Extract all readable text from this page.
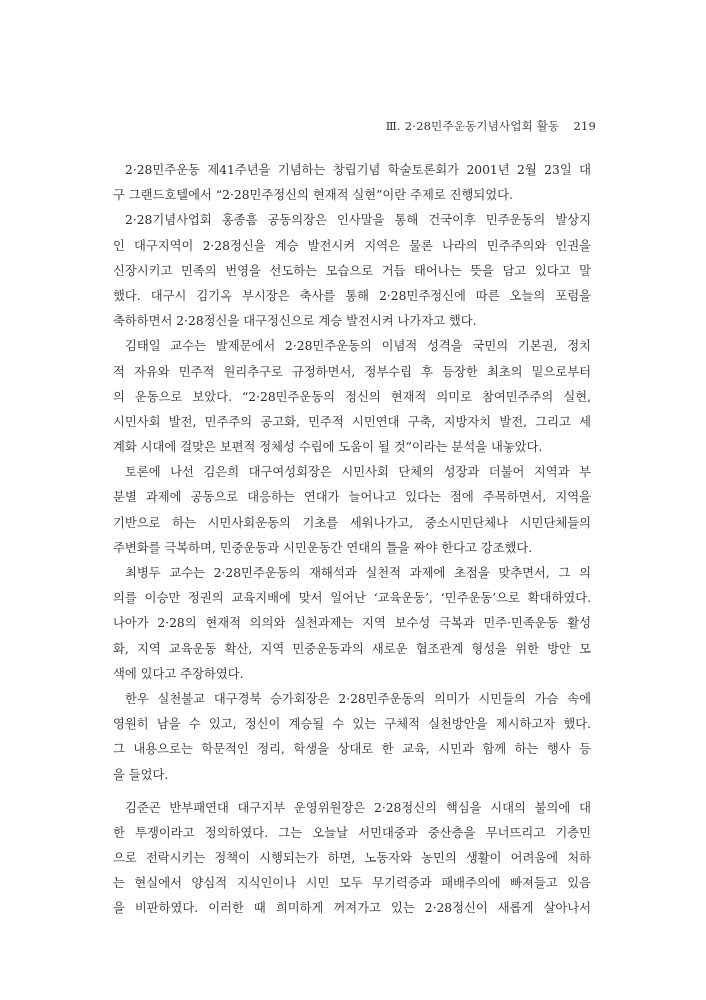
Ⅲ. 2·28민주운동기념사업회 활동 219
2·28민주운동 제41주년을 기념하는 창립기념 학술토론회가 2001년 2월 23일 대
구 그랜드호텔에서 “2·28민주정신의 현재적 실현”이란 주제로 진행되었다.
2·28기념사업회 홍종흠 공동의장은 인사말을 통해 건국이후 민주운동의 발상지
인 대구지역이 2·28정신을 계승 발전시켜 지역은 물론 나라의 민주주의와 인권을
신장시키고 민족의 번영을 선도하는 모습으로 거듭 태어나는 뜻을 담고 있다고 말
했다. 대구시 김기옥 부시장은 축사를 통해 2·28민주정신에 따른 오늘의 포럼을
축하하면서 2·28정신을 대구정신으로 계승 발전시켜 나가자고 했다.
김태일 교수는 발제문에서 2·28민주운동의 이념적 성격을 국민의 기본권, 정치
적 자유와 민주적 원리추구로 규정하면서, 정부수립 후 등장한 최초의 밑으로부터
의 운동으로 보았다. “2·28민주운동의 정신의 현재적 의미로 참여민주주의 실현,
시민사회 발전, 민주주의 공고화, 민주적 시민연대 구축, 지방자치 발전, 그리고 세
계화 시대에 걸맞은 보편적 정체성 수립에 도움이 될 것”이라는 분석을 내놓았다.
토론에 나선 김은희 대구여성회장은 시민사회 단체의 성장과 더불어 지역과 부
분별 과제에 공동으로 대응하는 연대가 늘어나고 있다는 점에 주목하면서, 지역을
기반으로 하는 시민사회운동의 기초를 세워나가고, 중소시민단체나 시민단체들의
주변화를 극복하며, 민중운동과 시민운동간 연대의 틀을 짜야 한다고 강조했다.
최병두 교수는 2·28민주운동의 재해석과 실천적 과제에 초점을 맞추면서, 그 의
의를 이승만 정권의 교육지배에 맞서 일어난 ‘교육운동’, ‘민주운동’으로 확대하였다.
나아가 2·28의 현재적 의의와 실천과제는 지역 보수성 극복과 민주·민족운동 활성
화, 지역 교육운동 확산, 지역 민중운동과의 새로운 협조관계 형성을 위한 방안 모
색에 있다고 주장하였다.
한우 실천불교 대구경북 승가회장은 2·28민주운동의 의미가 시민들의 가슴 속에
영원히 남을 수 있고, 정신이 계승될 수 있는 구체적 실천방안을 제시하고자 했다.
그 내용으로는 학문적인 정리, 학생을 상대로 한 교육, 시민과 함께 하는 행사 등
을 들었다.
김준곤 반부패연대 대구지부 운영위원장은 2·28정신의 핵심을 시대의 불의에 대
한 투쟁이라고 정의하였다. 그는 오늘날 서민대중과 중산층을 무너뜨리고 기층민
으로 전락시키는 정책이 시행되는가 하면, 노동자와 농민의 생활이 어려움에 처하
는 현실에서 양심적 지식인이나 시민 모두 무기력증과 패배주의에 빠져들고 있음
을 비판하였다. 이러한 때 희미하게 꺼져가고 있는 2·28정신이 새롭게 살아나서
